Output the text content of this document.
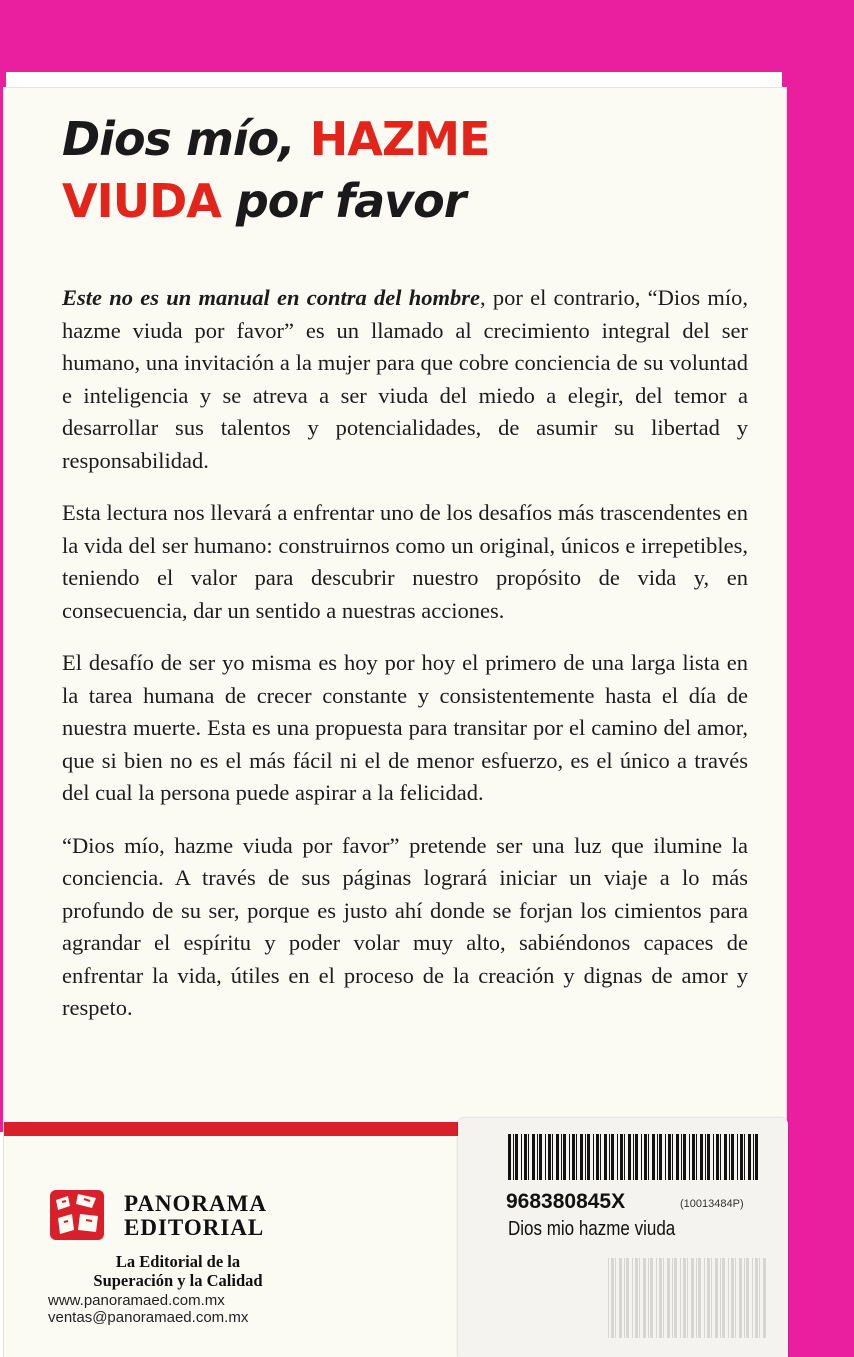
Dios mío, HAZME
VIUDA por favor

Este no es un manual en contra del hombre, por el contrario, “Dios mío, hazme viuda por favor” es un llamado al crecimiento integral del ser humano, una invitación a la mujer para que cobre conciencia de su voluntad e inteligencia y se atreva a ser viuda del miedo a elegir, del temor a desarrollar sus talentos y potencialidades, de asumir su libertad y responsabilidad.

Esta lectura nos llevará a enfrentar uno de los desafíos más trascendentes en la vida del ser humano: construirnos como un original, únicos e irrepetibles, teniendo el valor para descubrir nuestro propósito de vida y, en consecuencia, dar un sentido a nuestras acciones.

El desafío de ser yo misma es hoy por hoy el primero de una larga lista en la tarea humana de crecer constante y consistentemente hasta el día de nuestra muerte. Esta es una propuesta para transitar por el camino del amor, que si bien no es el más fácil ni el de menor esfuerzo, es el único a través del cual la persona puede aspirar a la felicidad.

“Dios mío, hazme viuda por favor” pretende ser una luz que ilumine la conciencia. A través de sus páginas logrará iniciar un viaje a lo más profundo de su ser, porque es justo ahí donde se forjan los cimientos para agrandar el espíritu y poder volar muy alto, sabiéndonos capaces de enfrentar la vida, útiles en el proceso de la creación y dignas de amor y respeto.

PANORAMA
EDITORIAL
La Editorial de la
Superación y la Calidad
www.panoramaed.com.mx
ventas@panoramaed.com.mx
968380845X	(10013484P)
Dios mio hazme viuda
